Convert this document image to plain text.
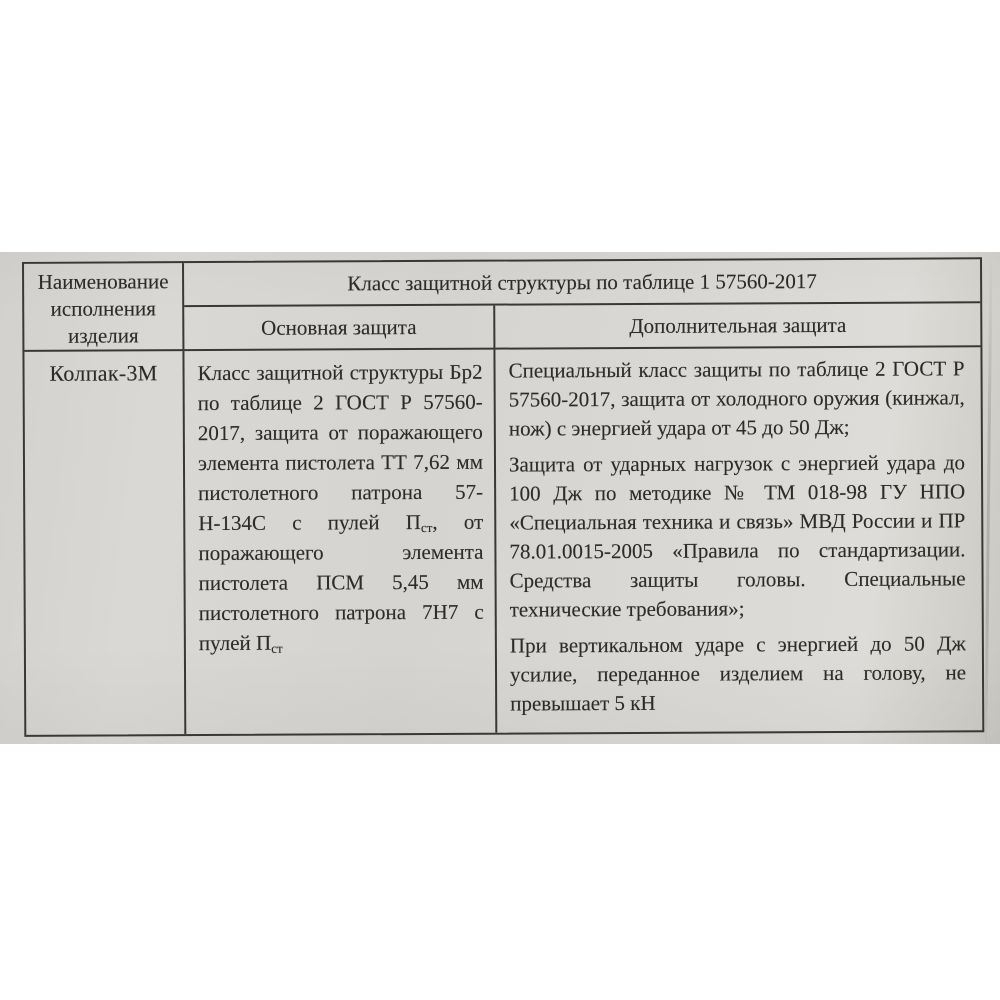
Наименование исполнения изделия
Класс защитной структуры по таблице 1 57560-2017
Основная защита	Дополнительная защита
Колпак-3М	Класс защитной структуры Бр2 по таблице 2 ГОСТ Р 57560-2017, защита от поражающего элемента пистолета ТТ 7,62 мм пистолетного патрона 57-Н-134С с пулей $П_{ст}$, от поражающего элемента пистолета ПСМ 5,45 мм пистолетного патрона 7Н7 с пулей $П_{ст}$

Специальный класс защиты по таблице 2 ГОСТ Р 57560-2017, защита от холодного оружия (кинжал, нож) с энергией удара от 45 до 50 Дж;

Защита от ударных нагрузок с энергией удара до 100 Дж по методике № ТМ 018-98 ГУ НПО «Специальная техника и связь» МВД России и ПР 78.01.0015-2005 «Правила по стандартизации. Средства защиты головы. Специальные технические требования»;

При вертикальном ударе с энергией до 50 Дж усилие, переданное изделием на голову, не превышает 5 кН
